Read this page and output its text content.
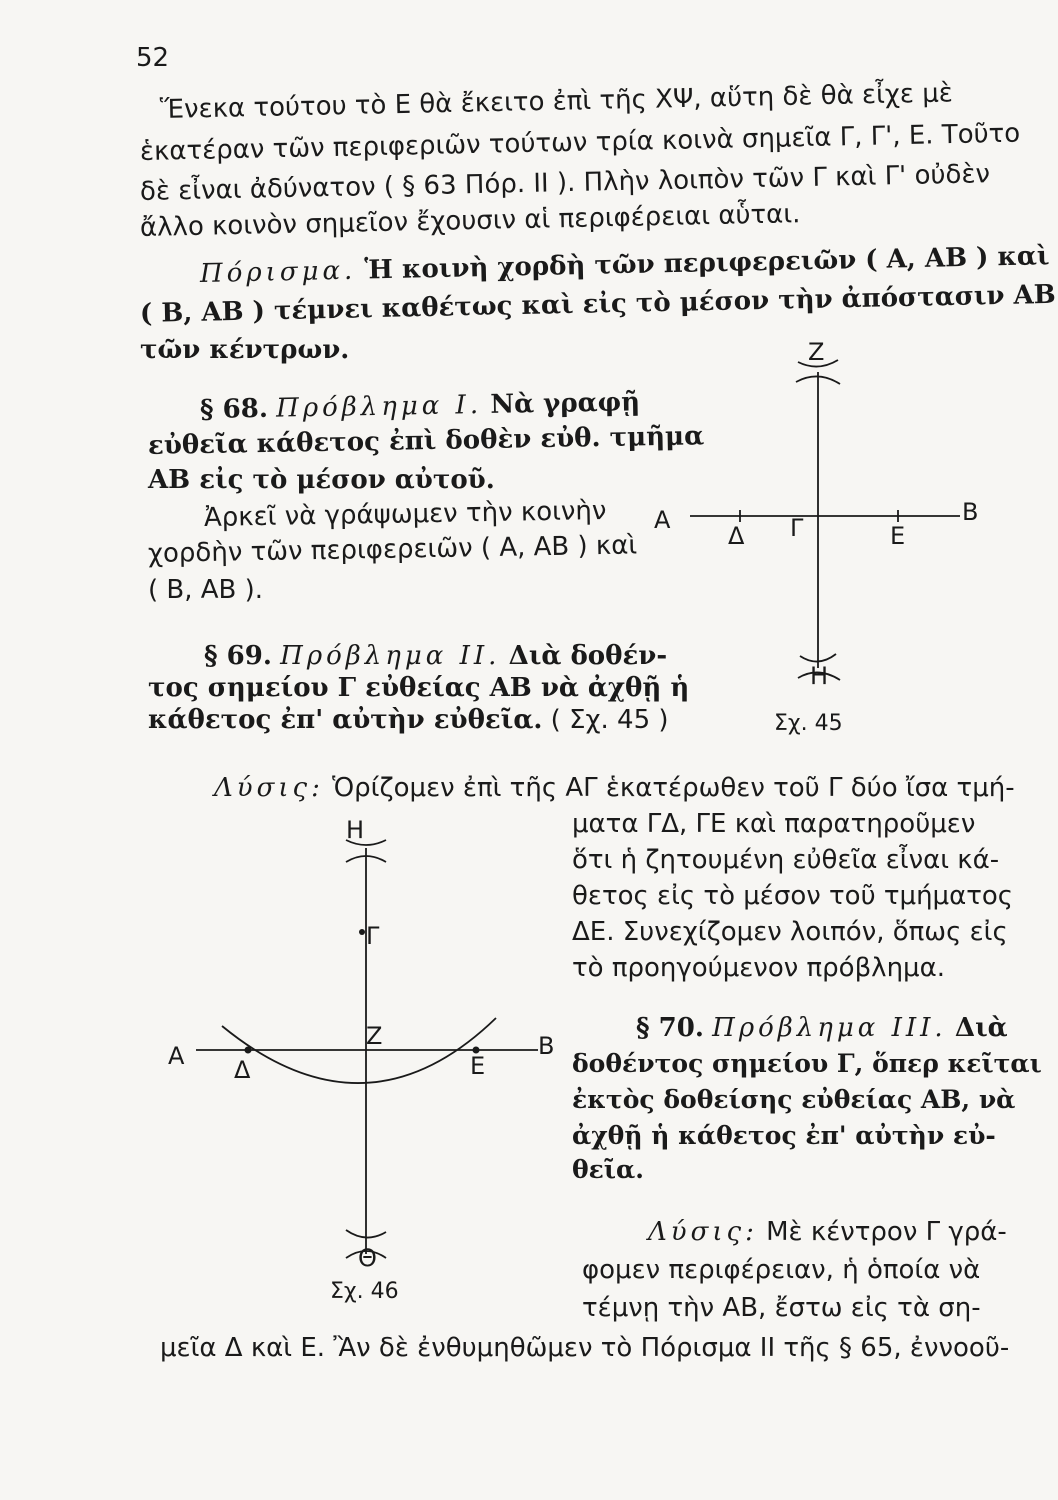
52
Ἕνεκα τούτου τὸ Ε θὰ ἔκειτο ἐπὶ τῆς ΧΨ, αὕτη δὲ θὰ εἶχε μὲ
ἑκατέραν τῶν περιφεριῶν τούτων τρία κοινὰ σημεῖα Γ, Γ', Ε. Τοῦτο
δὲ εἶναι ἀδύνατον ( § 63 Πόρ. ΙΙ ). Πλὴν λοιπὸν τῶν Γ καὶ Γ' οὐδὲν
ἄλλο κοινὸν σημεῖον ἔχουσιν αἱ περιφέρειαι αὗται.
Πόρισμα. Ἡ κοινὴ χορδὴ τῶν περιφερειῶν ( Α, ΑΒ ) καὶ
( Β, ΑΒ ) τέμνει καθέτως καὶ εἰς τὸ μέσον τὴν ἀπόστασιν ΑΒ
τῶν κέντρων.
§ 68. Πρόβλημα Ι. Νὰ γραφῇ
εὐθεῖα κάθετος ἐπὶ δοθὲν εὐθ. τμῆμα
ΑΒ εἰς τὸ μέσον αὐτοῦ.
Ἀρκεῖ νὰ γράψωμεν τὴν κοινὴν
χορδὴν τῶν περιφερειῶν ( Α, ΑΒ ) καὶ
( Β, ΑΒ ).
§ 69. Πρόβλημα ΙΙ. Διὰ δοθέν-
τος σημείου Γ εὐθείας ΑΒ νὰ ἀχθῇ ἡ
κάθετος ἐπ' αὐτὴν εὐθεῖα. ( Σχ. 45 )
Λύσις: Ὁρίζομεν ἐπὶ τῆς ΑΓ ἑκατέρωθεν τοῦ Γ δύο ἴσα τμή-
ματα ΓΔ, ΓΕ καὶ παρατηροῦμεν
ὅτι ἡ ζητουμένη εὐθεῖα εἶναι κά-
θετος εἰς τὸ μέσον τοῦ τμήματος
ΔΕ. Συνεχίζομεν λοιπόν, ὅπως εἰς
τὸ προηγούμενον πρόβλημα.
§ 70. Πρόβλημα ΙΙΙ. Διὰ
δοθέντος σημείου Γ, ὅπερ κεῖται
ἐκτὸς δοθείσης εὐθείας ΑΒ, νὰ
ἀχθῇ ἡ κάθετος ἐπ' αὐτὴν εὐ-
θεῖα.
Λύσις: Μὲ κέντρον Γ γρά-
φομεν περιφέρειαν, ἡ ὁποία νὰ
τέμνῃ τὴν ΑΒ, ἔστω εἰς τὰ ση-
μεῖα Δ καὶ Ε. Ἂν δὲ ἐνθυμηθῶμεν τὸ Πόρισμα ΙΙ τῆς § 65, ἐννοοῦ-
Z
A	B
Δ Γ	E
Η
Σχ. 45
Η
Γ
Z
A	B
Δ	E
Θ
Σχ. 46
